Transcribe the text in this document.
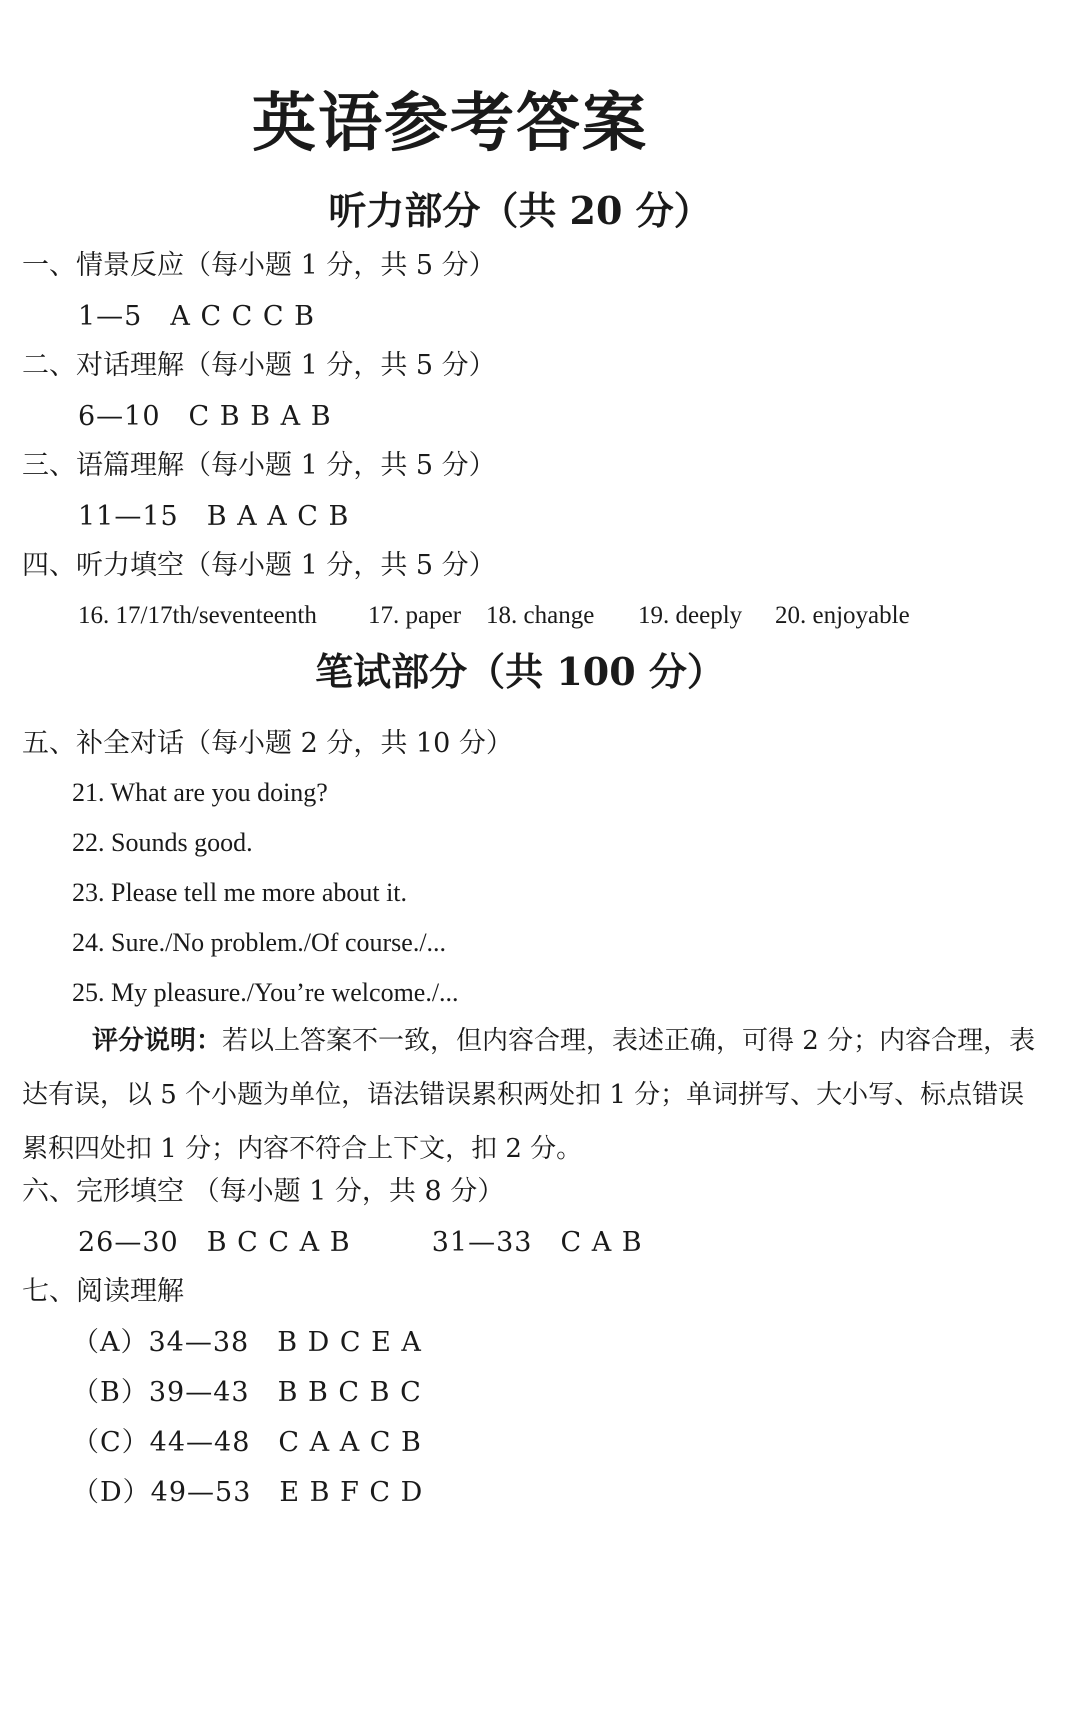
英语参考答案
听力部分（共 20 分）
一、情景反应（每小题 1 分，共 5 分）
1—5 A C C C B
二、对话理解（每小题 1 分，共 5 分）
6—10 C B B A B
三、语篇理解（每小题 1 分，共 5 分）
11—15 B A A C B
四、听力填空（每小题 1 分，共 5 分）
16. 17/17th/seventeenth 17. paper 18. change 19. deeply 20. enjoyable
笔试部分（共 100 分）
五、补全对话（每小题 2 分，共 10 分）
21. What are you doing?
22. Sounds good.
23. Please tell me more about it.
24. Sure./No problem./Of course./...
25. My pleasure./You’re welcome./...
评分说明：若以上答案不一致，但内容合理，表述正确，可得 2 分；内容合理，表达有误，以 5 个小题为单位，语法错误累积两处扣 1 分；单词拼写、大小写、标点错误累积四处扣 1 分；内容不符合上下文，扣 2 分。
六、完形填空 （每小题 1 分，共 8 分）
26—30 B C C A B	31—33 C A B
七、阅读理解
（A）34—38 B D C E A
（B）39—43 B B C B C
（C）44—48 C A A C B
（D）49—53 E B F C D
